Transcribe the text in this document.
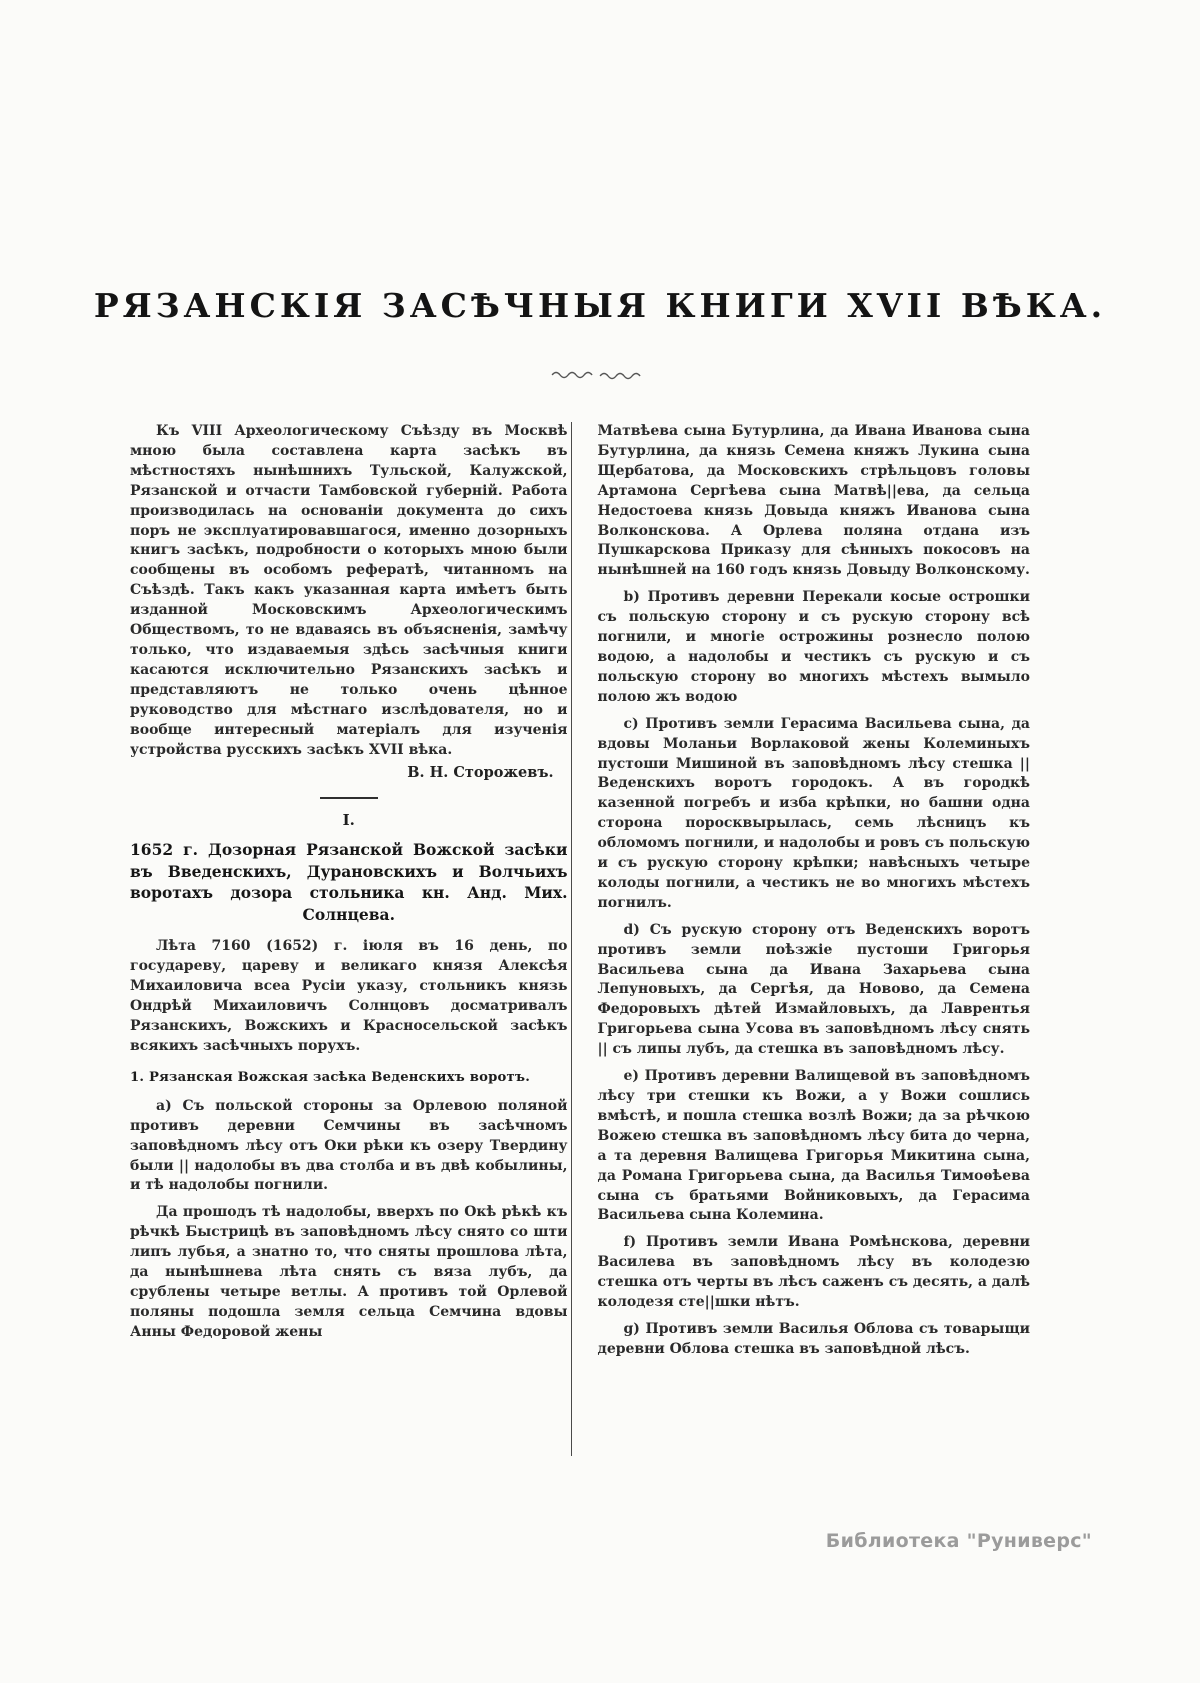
РЯЗАНСКІЯ ЗАСѢЧНЫЯ КНИГИ XVII ВѢКА.

Къ VIII Археологическому Съѣзду въ Москвѣ мною была составлена карта засѣкъ въ мѣстностяхъ нынѣшнихъ Тульской, Калужской, Рязанской и отчасти Тамбовской губерній. Работа производилась на основаніи документа до сихъ поръ не эксплуатировавшагося, именно дозорныхъ книгъ засѣкъ, подробности о которыхъ мною были сообщены въ особомъ рефератѣ, читанномъ на Съѣздѣ. Такъ какъ указанная карта имѣетъ быть изданной Московскимъ Археологическимъ Обществомъ, то не вдаваясь въ объясненія, замѣчу только, что издаваемыя здѣсь засѣчныя книги касаются исключительно Рязанскихъ засѣкъ и представляютъ не только очень цѣнное руководство для мѣстнаго изслѣдователя, но и вообще интересный матеріалъ для изученія устройства русскихъ засѣкъ XVII вѣка.

В. Н. Сторожевъ.
I.
1652 г. Дозорная Рязанской Вожской засѣки въ Введенскихъ, Дурановскихъ и Волчьихъ воротахъ дозора стольника кн. Анд. Мих. Солнцева.

Лѣта 7160 (1652) г. іюля въ 16 день, по государеву, цареву и великаго князя Алексѣя Михаиловича всеа Русіи указу, стольникъ князь Ондрѣй Михаиловичъ Солнцовъ досматривалъ Рязанскихъ, Вожскихъ и Красносельской засѣкъ всякихъ засѣчныхъ порухъ.

1. Рязанская Вожская засѣка Веденскихъ воротъ.

а) Съ польской стороны за Орлевою поляной противъ деревни Семчины въ засѣчномъ заповѣдномъ лѣсу отъ Оки рѣки къ озеру Твердину были || надолобы въ два столба и въ двѣ кобылины, и тѣ надолобы погнили.

Да прошодъ тѣ надолобы, вверхъ по Окѣ рѣкѣ къ рѣчкѣ Быстрицѣ въ заповѣдномъ лѣсу снято со шти липъ лубья, а знатно то, что сняты прошлова лѣта, да нынѣшнева лѣта снять съ вяза лубъ, да срублены четыре ветлы. А противъ той Орлевой поляны подошла земля сельца Семчина вдовы Анны Федоровой жены

Матвѣева сына Бутурлина, да Ивана Иванова сына Бутурлина, да князь Семена княжъ Лукина сына Щербатова, да Московскихъ стрѣльцовъ головы Артамона Сергѣева сына Матвѣ||ева, да сельца Недостоева князь Довыда княжъ Иванова сына Волконскова. А Орлева поляна отдана изъ Пушкарскова Приказу для сѣнныхъ покосовъ на нынѣшней на 160 годъ князь Довыду Волконскому.

b) Противъ деревни Перекали косые острошки съ польскую сторону и съ рускую сторону всѣ погнили, и многіе острожины рознесло полою водою, а надолобы и честикъ съ рускую и съ польскую сторону во многихъ мѣстехъ вымыло полою жъ водою

c) Противъ земли Герасима Васильева сына, да вдовы Моланьи Ворлаковой жены Колеминыхъ пустоши Мишиной въ заповѣдномъ лѣсу стешка || Веденскихъ воротъ городокъ. А въ городкѣ казенной погребъ и изба крѣпки, но башни одна сторона поросквырылась, семь лѣсницъ къ обломомъ погнили, и надолобы и ровъ съ польскую и съ рускую сторону крѣпки; навѣсныхъ четыре колоды погнили, а честикъ не во многихъ мѣстехъ погнилъ.

d) Съ рускую сторону отъ Веденскихъ воротъ противъ земли поѣзжіе пустоши Григорья Васильева сына да Ивана Захарьева сына Лепуновыхъ, да Сергѣя, да Новово, да Семена Федоровыхъ дѣтей Измайловыхъ, да Лаврентья Григорьева сына Усова въ заповѣдномъ лѣсу снять || съ липы лубъ, да стешка въ заповѣдномъ лѣсу.

e) Противъ деревни Валищевой въ заповѣдномъ лѣсу три стешки къ Вожи, а у Вожи сошлись вмѣстѣ, и пошла стешка возлѣ Вожи; да за рѣчкою Вожею стешка въ заповѣдномъ лѣсу бита до черна, а та деревня Валищева Григорья Микитина сына, да Романа Григорьева сына, да Василья Тимоѳѣева сына съ братьями Войниковыхъ, да Герасима Васильева сына Колемина.

f) Противъ земли Ивана Ромѣнскова, деревни Василева въ заповѣдномъ лѣсу въ колодезю стешка отъ черты въ лѣсъ саженъ съ десять, а далѣ колодезя сте||шки нѣтъ.

g) Противъ земли Василья Облова съ товарыщи деревни Облова стешка въ заповѣдной лѣсъ.

Библиотека "Руниверс"
